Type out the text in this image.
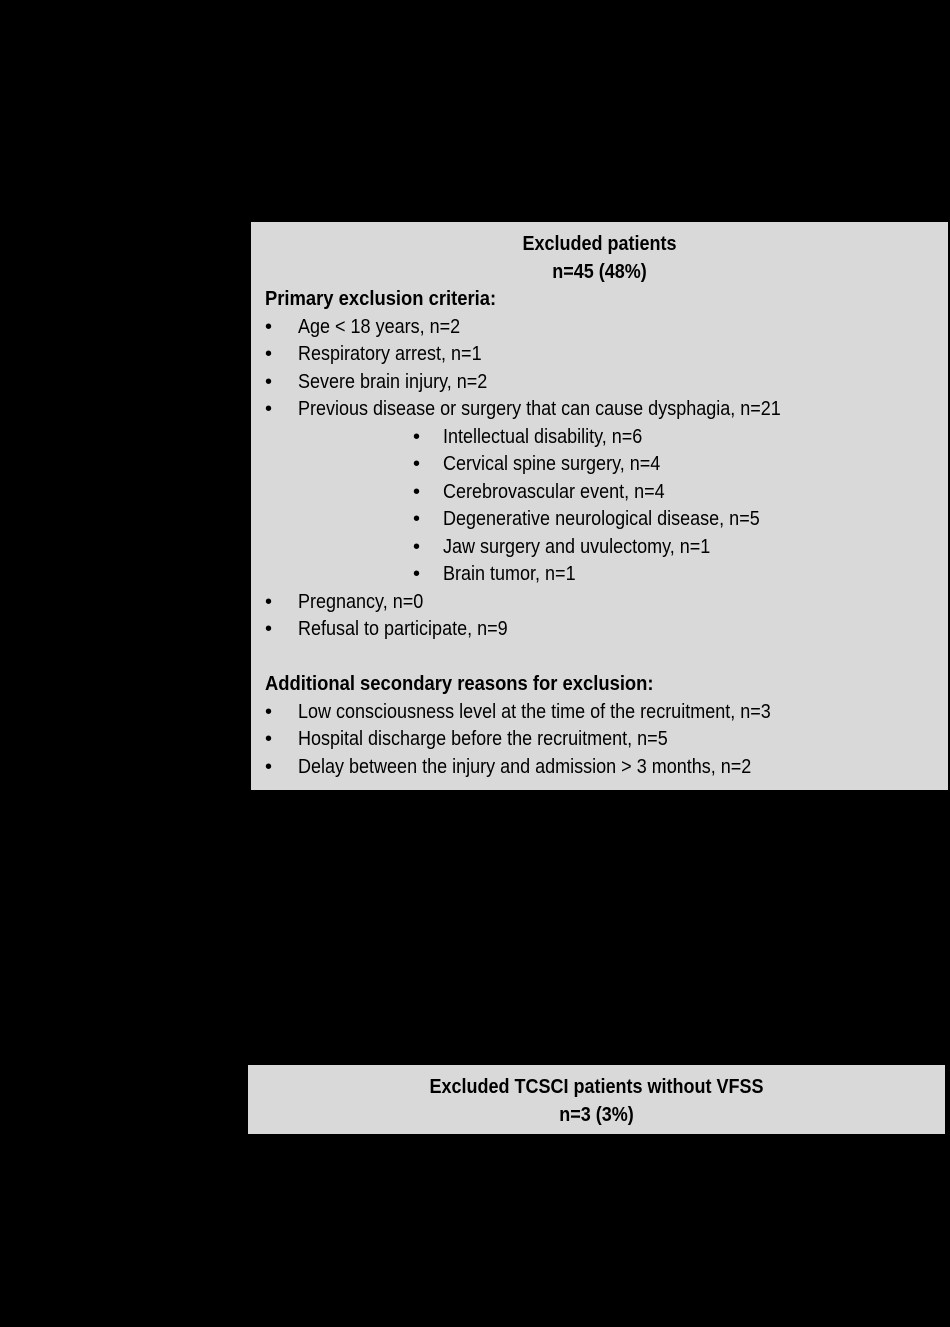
Excluded patients
n=45 (48%)
Primary exclusion criteria:
• Age < 18 years, n=2
• Respiratory arrest, n=1
• Severe brain injury, n=2
• Previous disease or surgery that can cause dysphagia, n=21
• Intellectual disability, n=6
• Cervical spine surgery, n=4
• Cerebrovascular event, n=4
• Degenerative neurological disease, n=5
• Jaw surgery and uvulectomy, n=1
• Brain tumor, n=1
• Pregnancy, n=0
• Refusal to participate, n=9
Additional secondary reasons for exclusion:
• Low consciousness level at the time of the recruitment, n=3
• Hospital discharge before the recruitment, n=5
• Delay between the injury and admission > 3 months, n=2
Excluded TCSCI patients without VFSS
n=3 (3%)
